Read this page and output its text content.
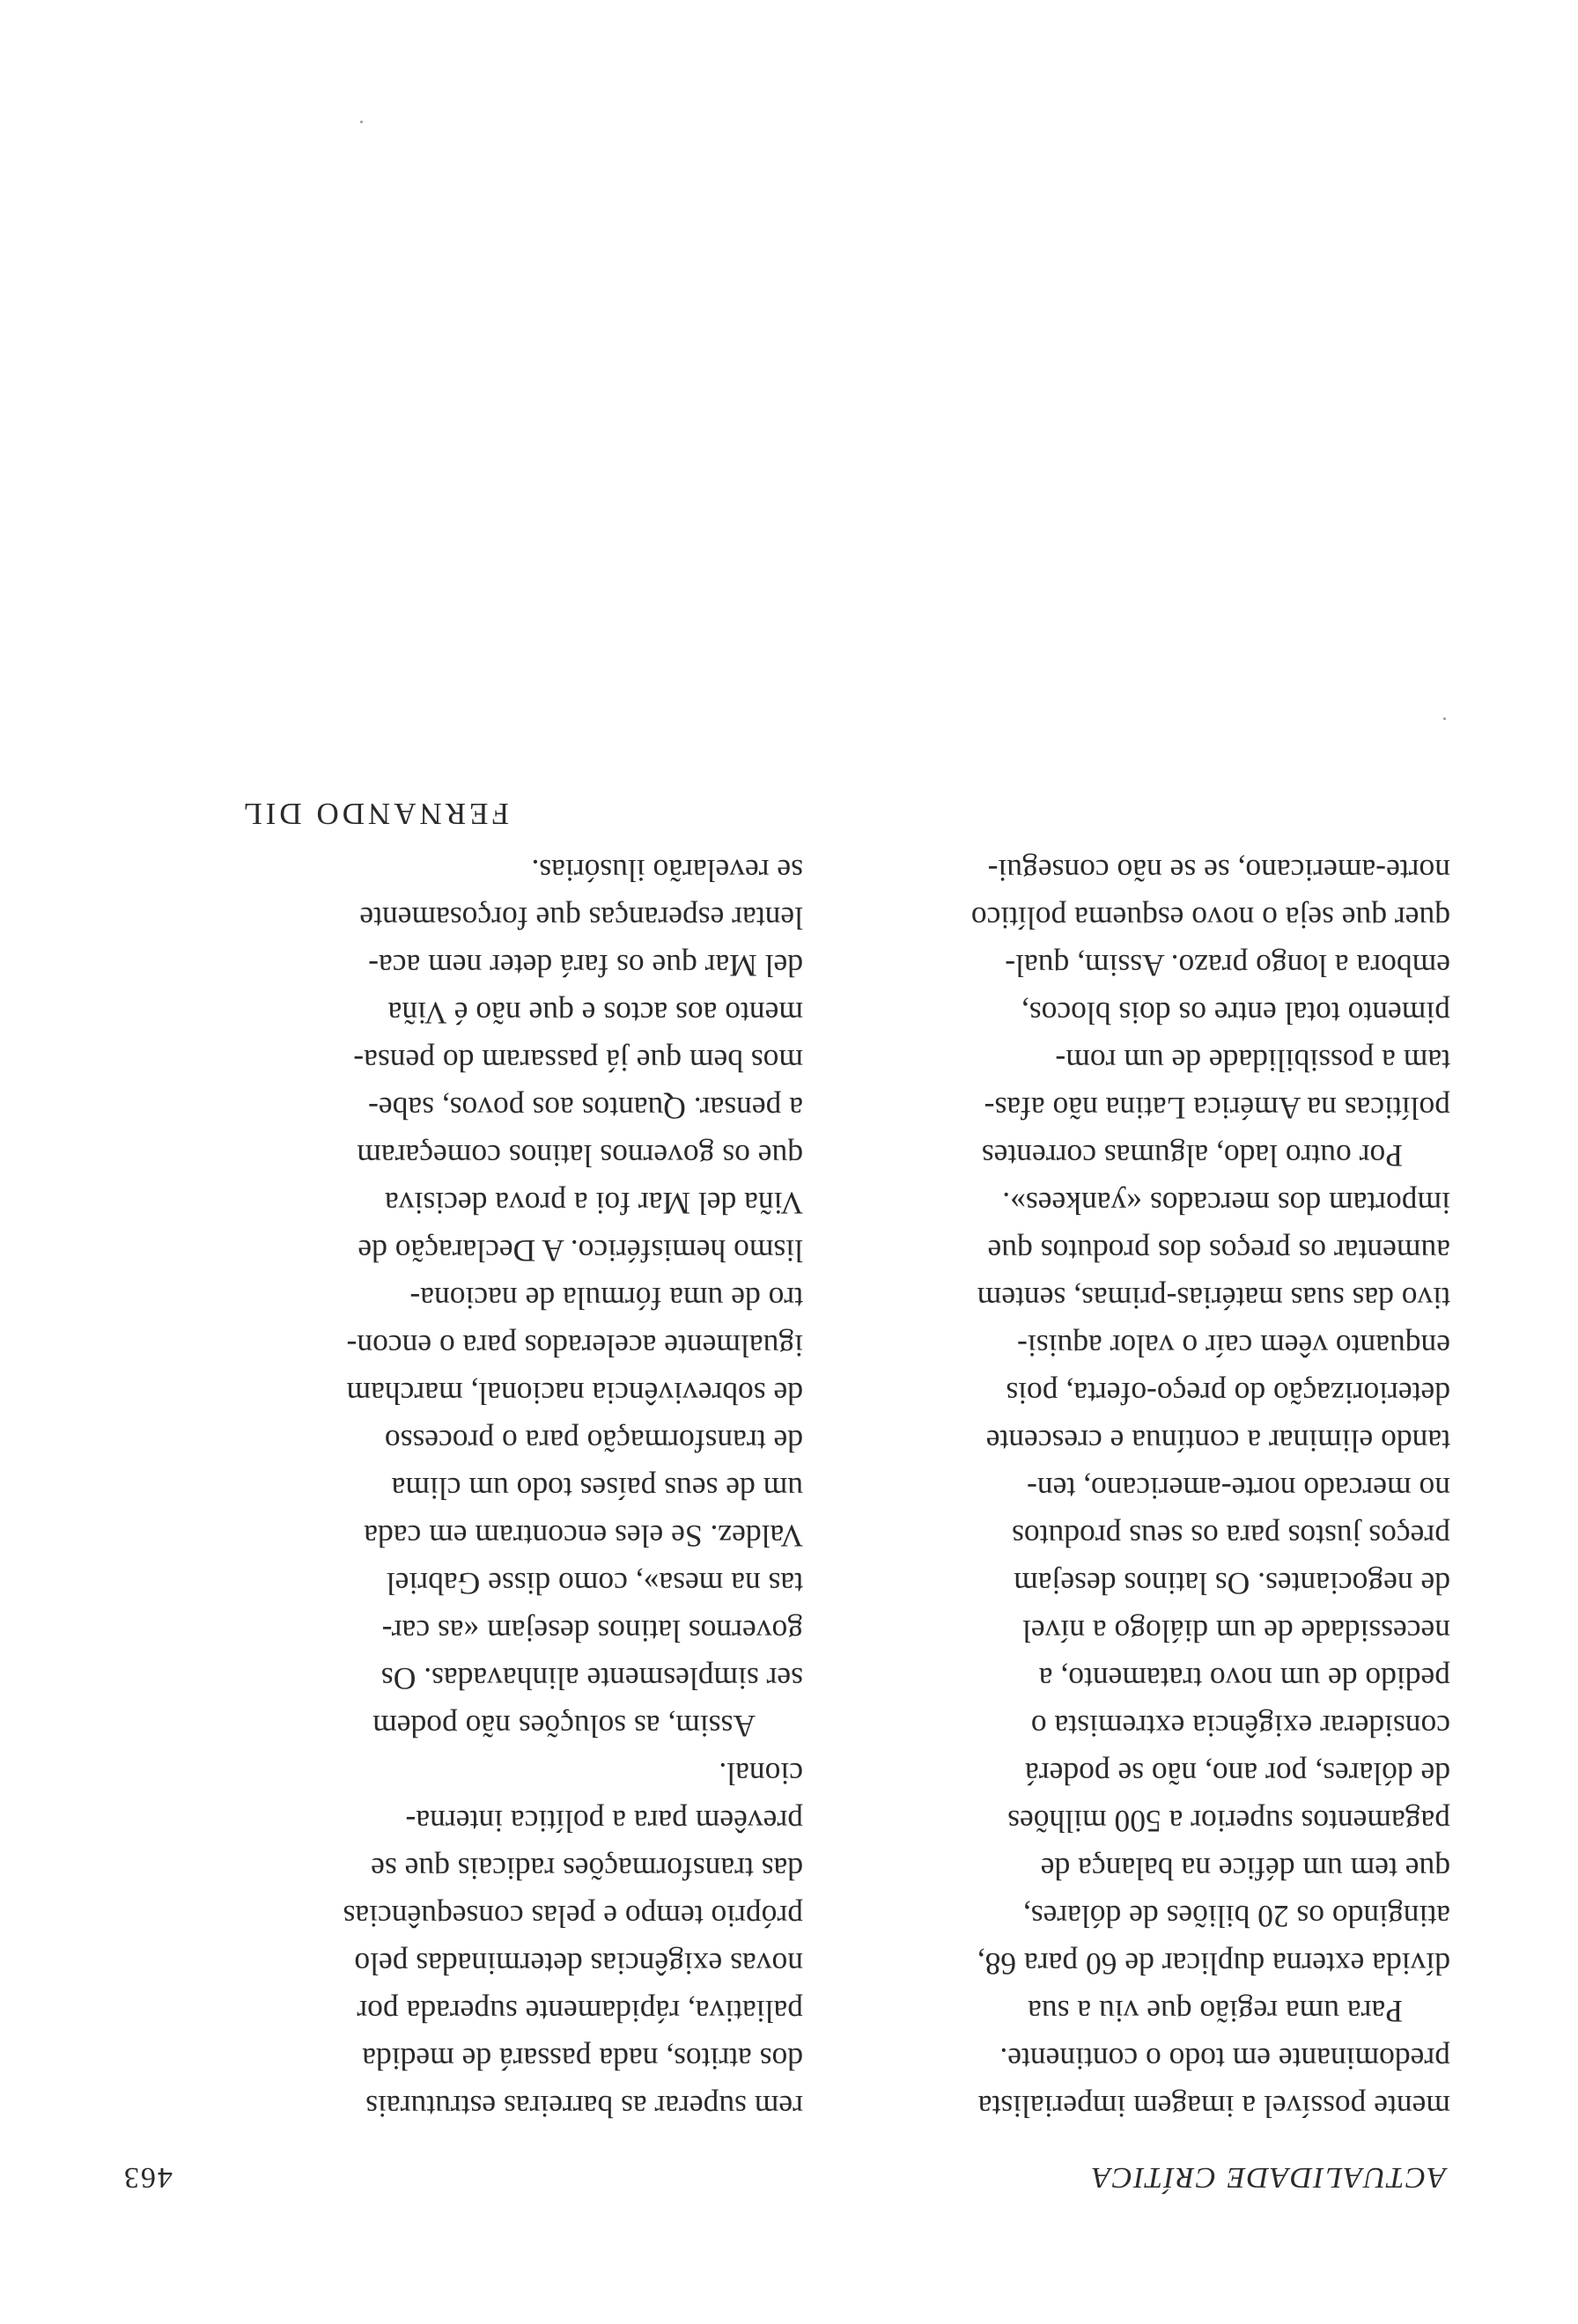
ACTUALIDADE CRÍTICA
463

mente possível a imagem imperialista
predominante em todo o continente.

Para uma região que viu a sua
dívida externa duplicar de 60 para 68,
atingindo os 20 biliões de dólares,
que tem um défice na balança de
pagamentos superior a 500 milhões
de dólares, por ano, não se poderá
considerar exigência extremista o
pedido de um novo tratamento, a
necessidade de um diálogo a nível
de negociantes. Os latinos desejam
preços justos para os seus produtos
no mercado norte-americano, ten-
tando eliminar a contínua e crescente
deteriorização do preço-oferta, pois
enquanto vêem caír o valor aquisi-
tivo das suas matérias-primas, sentem
aumentar os preços dos produtos que
importam dos mercados «yankees».

Por outro lado, algumas correntes
políticas na América Latina não afas-
tam a possibilidade de um rom-
pimento total entre os dois blocos,
embora a longo prazo. Assim, qual-
quer que seja o novo esquema político
norte-americano, se se não consegui-

rem superar as barreiras estruturais
dos atritos, nada passará de medida
paliativa, rápidamente superada por
novas exigências determinadas pelo
próprio tempo e pelas consequências
das transformações radicais que se
prevêem para a política interna-
cional.

Assim, as soluções não podem
ser simplesmente alinhavadas. Os
governos latinos desejam «as car-
tas na mesa», como disse Gabriel
Valdez. Se eles encontram em cada
um de seus países todo um clima
de transformação para o processo
de sobrevivência nacional, marcham
igualmente acelerados para o encon-
tro de uma fórmula de naciona-
lismo hemisférico. A Declaração de
Viña del Mar foi a prova decisiva
que os governos latinos começaram
a pensar. Quantos aos povos, sabe-
mos bem que já passaram do pensa-
mento aos actos e que não é Viña
del Mar que os fará deter nem aca-
lentar esperanças que forçosamente
se revelarão ilusórias.

FERNANDO DIL
